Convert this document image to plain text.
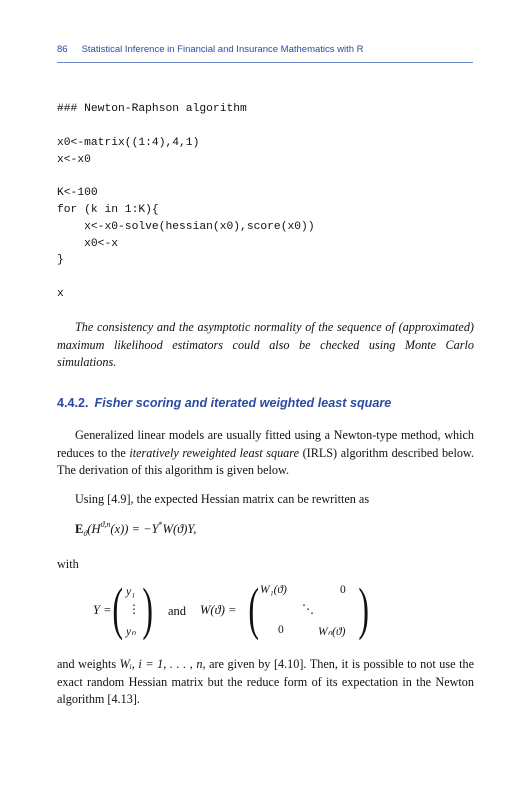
86 Statistical Inference in Financial and Insurance Mathematics with R
### Newton-Raphson algorithm
x0<-matrix((1:4),4,1)
x<-x0
K<-100
for (k in 1:K){
x<-x0-solve(hessian(x0),score(x0))
x0<-x
}
x
The consistency and the asymptotic normality of the sequence of (approximated) maximum likelihood estimators could also be checked using Monte Carlo simulations.
4.4.2. Fisher scoring and iterated weighted least square
Generalized linear models are usually fitted using a Newton-type method, which reduces to the iteratively reweighted least square (IRLS) algorithm described below. The derivation of this algorithm is given below.
Using [4.9], the expected Hessian matrix can be rewritten as
$E_ϑ(H^{ϑ,n}(x)) = -Y^*W(ϑ)Y$,
with
Y = ( y₁
⋮
yₙ ) and W(ϑ) = ( W₁(ϑ)	0
⋱
0	Wₙ(ϑ) )
and weights Wᵢ, i = 1, . . . , n, are given by [4.10]. Then, it is possible to not use the exact random Hessian matrix but the reduce form of its expectation in the Newton algorithm [4.13].
